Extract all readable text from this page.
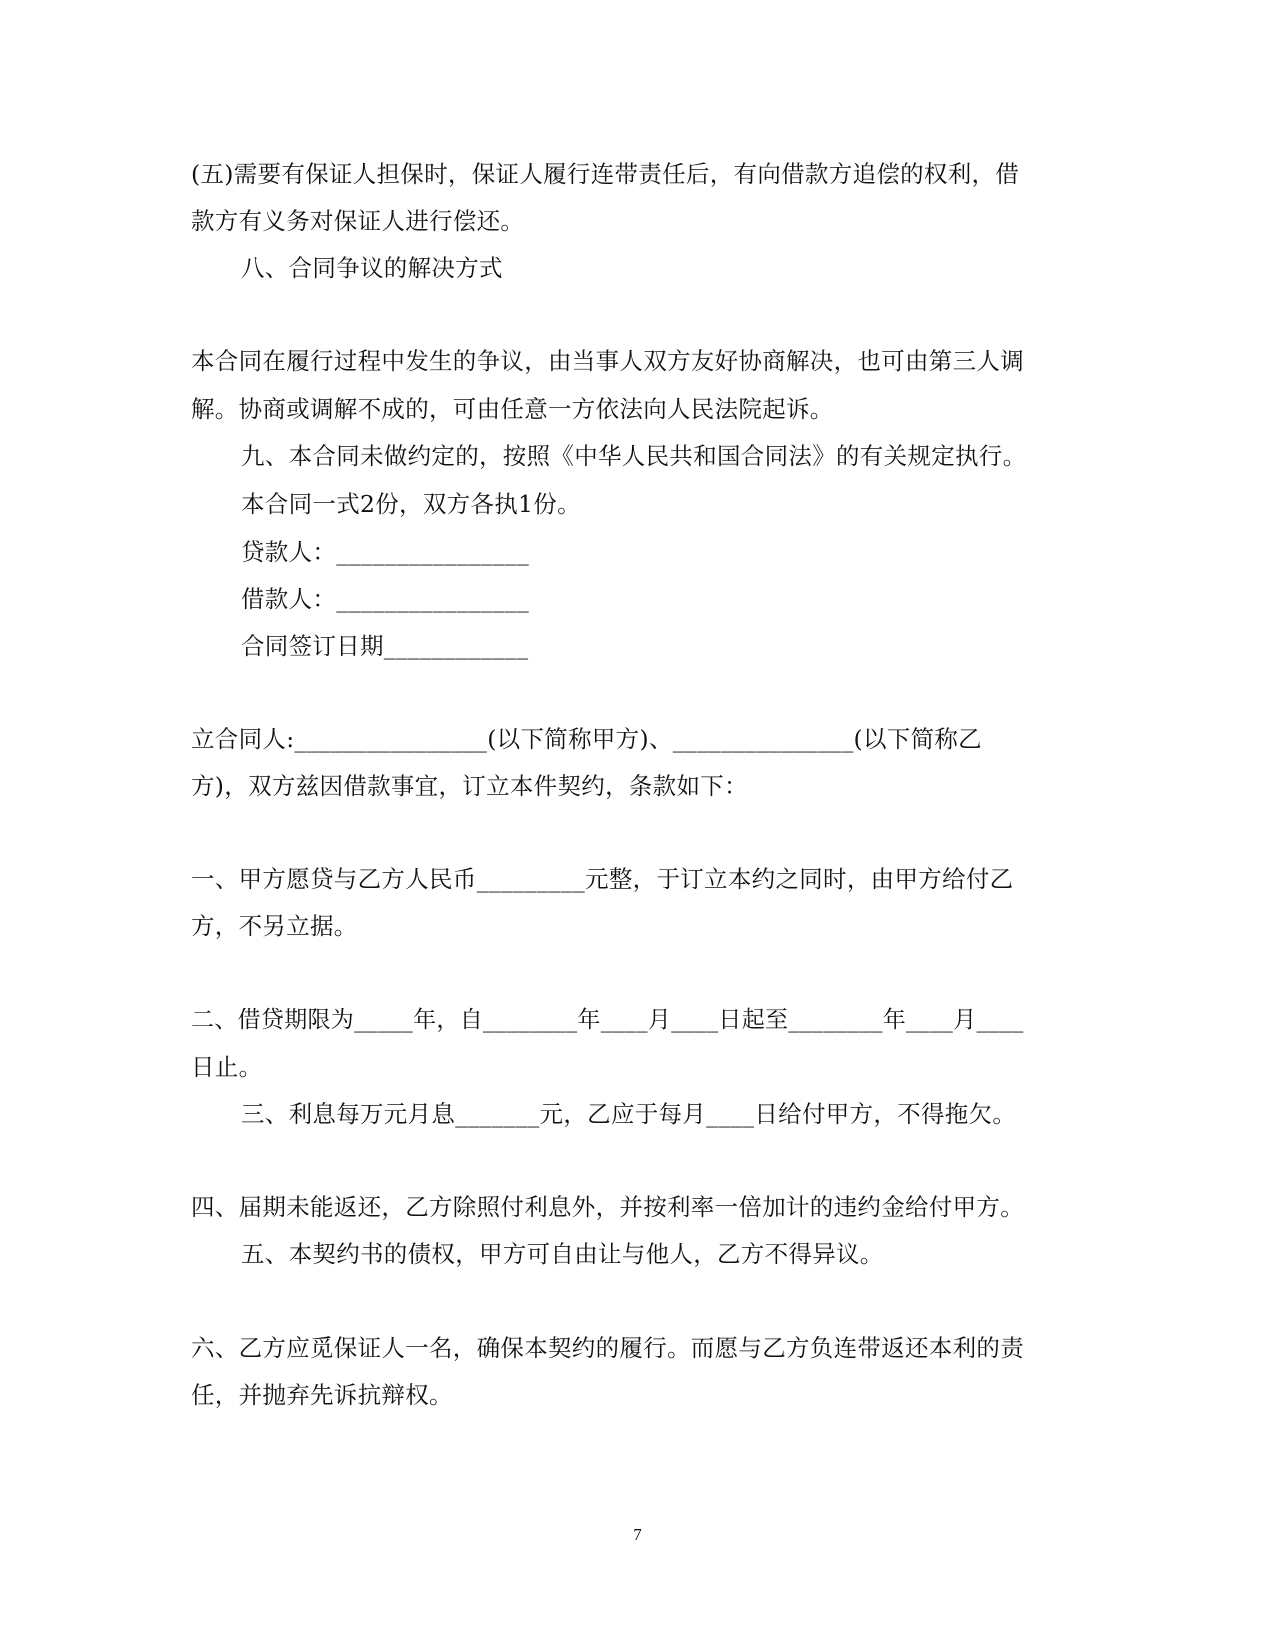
(五)需要有保证人担保时，保证人履行连带责任后，有向借款方追偿的权利，借

款方有义务对保证人进行偿还。

八、合同争议的解决方式

本合同在履行过程中发生的争议，由当事人双方友好协商解决，也可由第三人调

解。协商或调解不成的，可由任意一方依法向人民法院起诉。

九、本合同未做约定的，按照《中华人民共和国合同法》的有关规定执行。

本合同一式2份，双方各执1份。

贷款人：________________

借款人：________________

合同签订日期____________

立合同人:________________(以下简称甲方)、_______________(以下简称乙

方)，双方兹因借款事宜，订立本件契约，条款如下：

一、甲方愿贷与乙方人民币_________元整，于订立本约之同时，由甲方给付乙

方，不另立据。

二、借贷期限为_____年，自________年____月____日起至________年____月____

日止。

三、利息每万元月息_______元，乙应于每月____日给付甲方，不得拖欠。

四、届期未能返还，乙方除照付利息外，并按利率一倍加计的违约金给付甲方。

五、本契约书的债权，甲方可自由让与他人，乙方不得异议。

六、乙方应觅保证人一名，确保本契约的履行。而愿与乙方负连带返还本利的责

任，并抛弃先诉抗辩权。

7
